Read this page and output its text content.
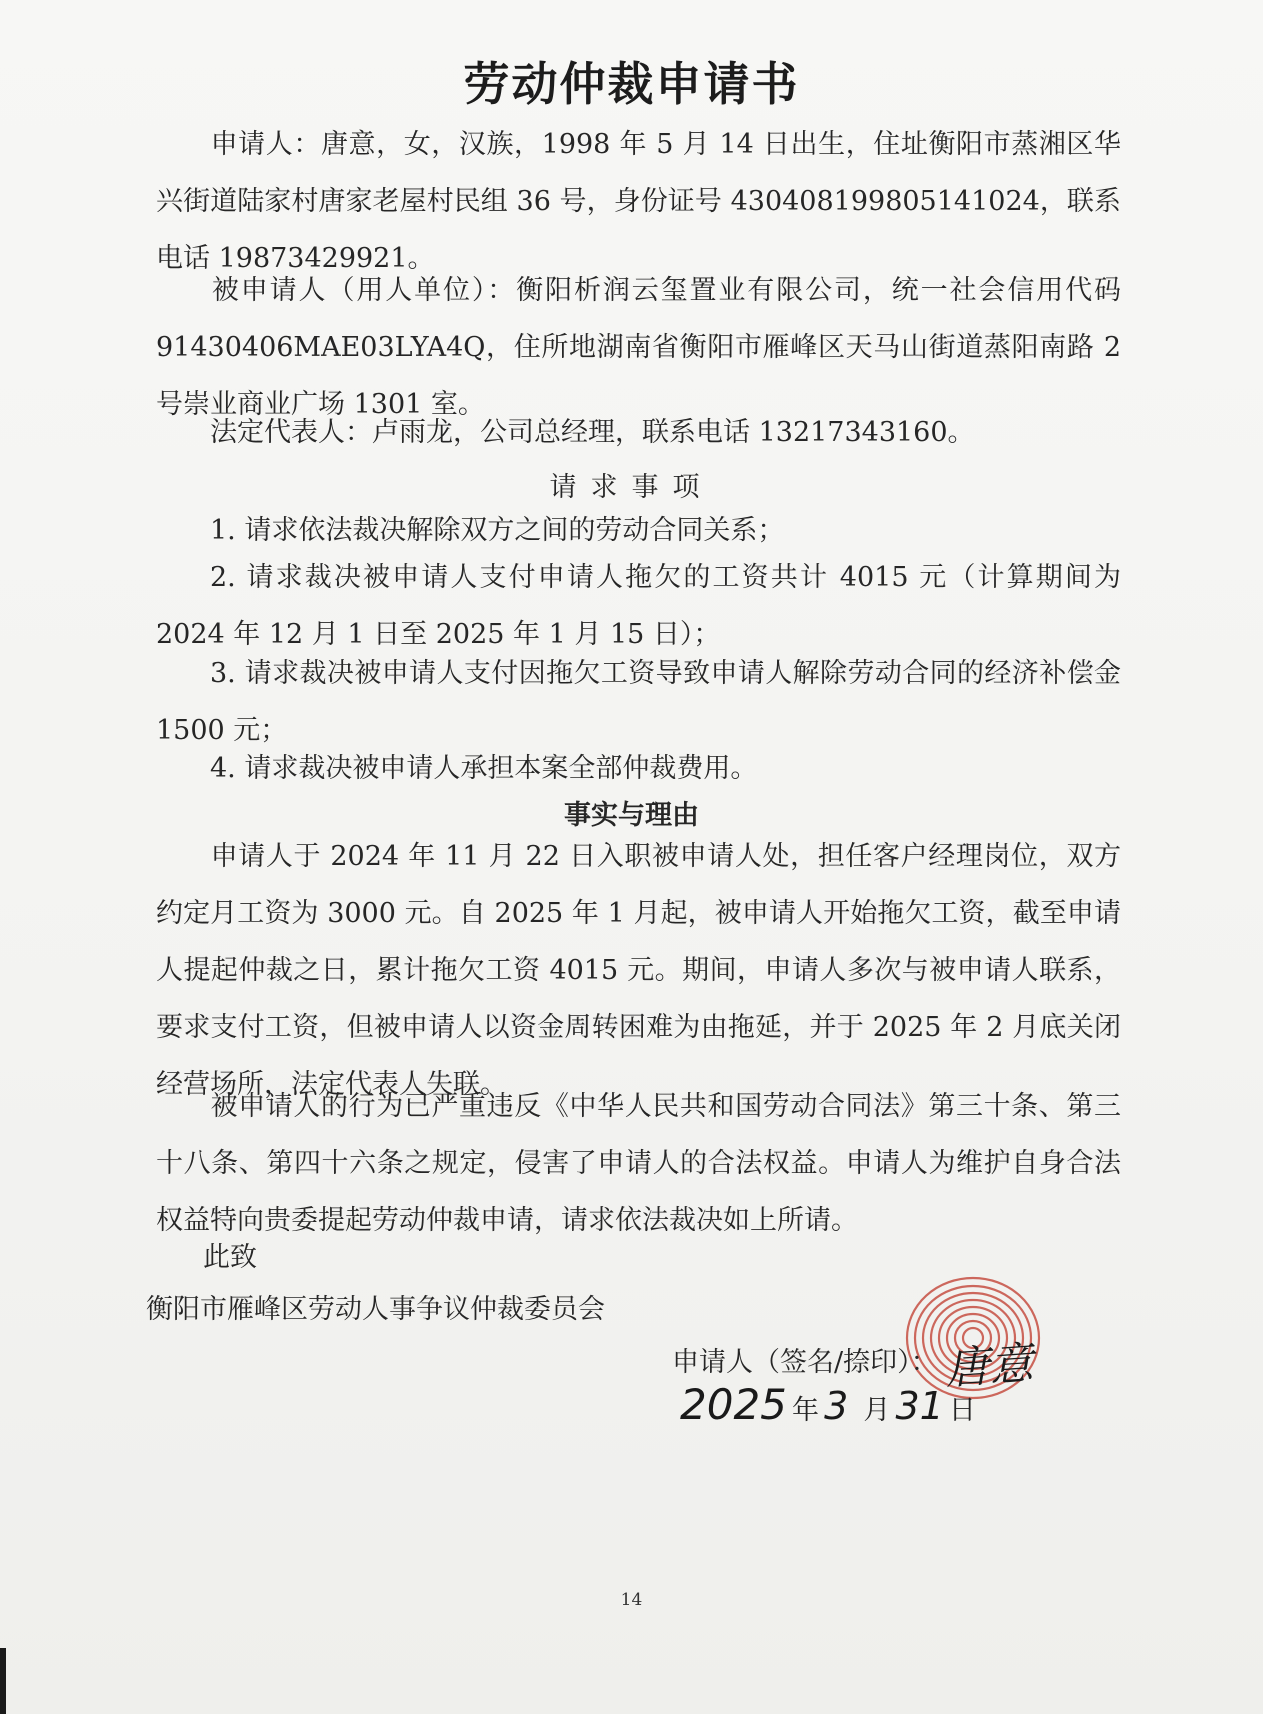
劳动仲裁申请书

申请人：唐意，女，汉族，1998 年 5 月 14 日出生，住址衡阳市蒸湘区华兴街道陆家村唐家老屋村民组 36 号，身份证号 430408199805141024，联系电话 19873429921。

被申请人（用人单位）：衡阳析润云玺置业有限公司，统一社会信用代码 91430406MAE03LYA4Q，住所地湖南省衡阳市雁峰区天马山街道蒸阳南路 2 号崇业商业广场 1301 室。

法定代表人：卢雨龙，公司总经理，联系电话 13217343160。

请求事项

1. 请求依法裁决解除双方之间的劳动合同关系；

2. 请求裁决被申请人支付申请人拖欠的工资共计 4015 元（计算期间为 2024 年 12 月 1 日至 2025 年 1 月 15 日）；

3. 请求裁决被申请人支付因拖欠工资导致申请人解除劳动合同的经济补偿金 1500 元；

4. 请求裁决被申请人承担本案全部仲裁费用。

事实与理由

申请人于 2024 年 11 月 22 日入职被申请人处，担任客户经理岗位，双方约定月工资为 3000 元。自 2025 年 1 月起，被申请人开始拖欠工资，截至申请人提起仲裁之日，累计拖欠工资 4015 元。期间，申请人多次与被申请人联系，要求支付工资，但被申请人以资金周转困难为由拖延，并于 2025 年 2 月底关闭经营场所，法定代表人失联。

被申请人的行为已严重违反《中华人民共和国劳动合同法》第三十条、第三十八条、第四十六条之规定，侵害了申请人的合法权益。申请人为维护自身合法权益特向贵委提起劳动仲裁申请，请求依法裁决如上所请。

此致
衡阳市雁峰区劳动人事争议仲裁委员会
申请人（签名/捺印）： 唐意
2025 年 3 月 31 日
14
